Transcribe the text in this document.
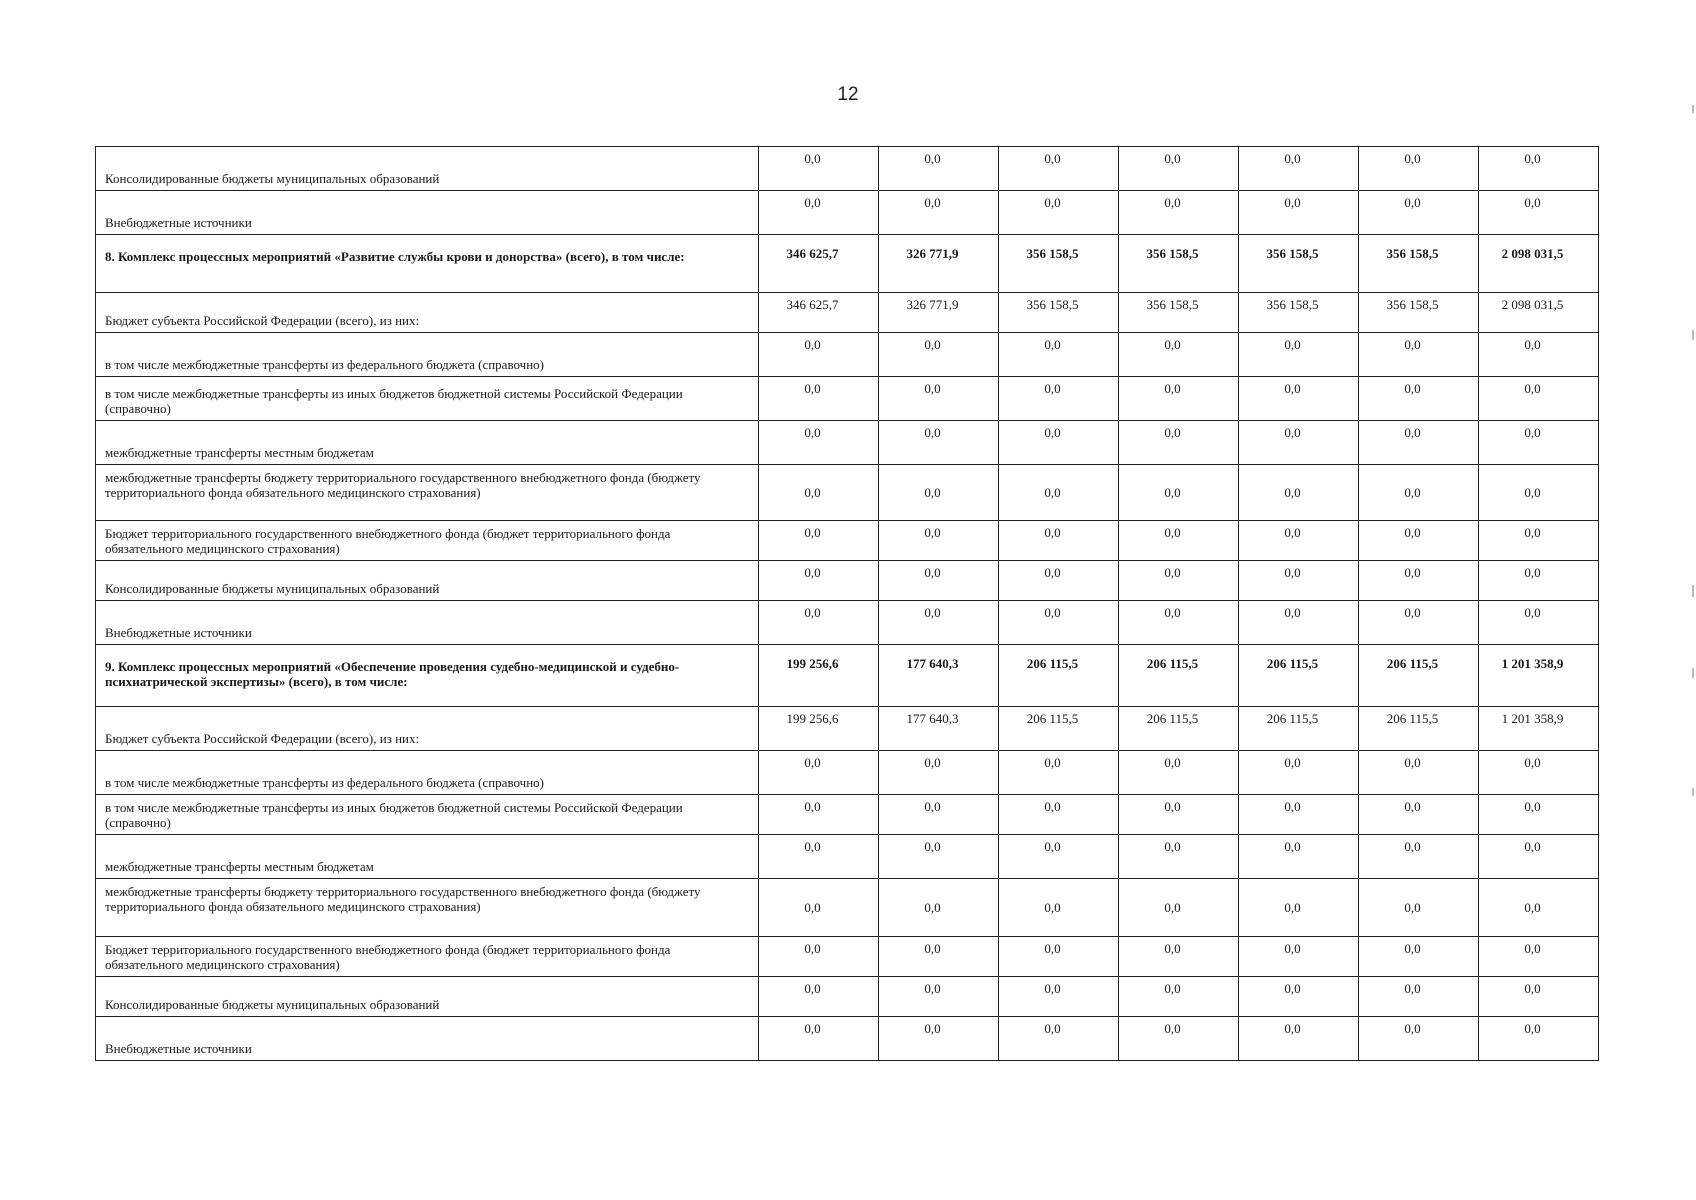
12
Консолидированные бюджеты муниципальных образований	0,0	0,0	0,0	0,0	0,0	0,0	0,0
Внебюджетные источники	0,0	0,0	0,0	0,0	0,0	0,0	0,0
8. Комплекс процессных мероприятий «Развитие службы крови и донорства» (всего), в том числе:	346 625,7	326 771,9	356 158,5	356 158,5	356 158,5	356 158,5	2 098 031,5
Бюджет субъекта Российской Федерации (всего), из них:	346 625,7	326 771,9	356 158,5	356 158,5	356 158,5	356 158,5	2 098 031,5
в том числе межбюджетные трансферты из федерального бюджета (справочно)	0,0	0,0	0,0	0,0	0,0	0,0	0,0
в том числе межбюджетные трансферты из иных бюджетов бюджетной системы Российской Федерации (справочно)	0,0	0,0	0,0	0,0	0,0	0,0	0,0
межбюджетные трансферты местным бюджетам	0,0	0,0	0,0	0,0	0,0	0,0	0,0
межбюджетные трансферты бюджету территориального государственного внебюджетного фонда (бюджету территориального фонда обязательного медицинского страхования)	0,0	0,0	0,0	0,0	0,0	0,0	0,0
Бюджет территориального государственного внебюджетного фонда (бюджет территориального фонда обязательного медицинского страхования)	0,0	0,0	0,0	0,0	0,0	0,0	0,0
Консолидированные бюджеты муниципальных образований	0,0	0,0	0,0	0,0	0,0	0,0	0,0
Внебюджетные источники	0,0	0,0	0,0	0,0	0,0	0,0	0,0
9. Комплекс процессных мероприятий «Обеспечение проведения судебно-медицинской и судебно-психиатрической экспертизы» (всего), в том числе:	199 256,6	177 640,3	206 115,5	206 115,5	206 115,5	206 115,5	1 201 358,9
Бюджет субъекта Российской Федерации (всего), из них:	199 256,6	177 640,3	206 115,5	206 115,5	206 115,5	206 115,5	1 201 358,9
в том числе межбюджетные трансферты из федерального бюджета (справочно)	0,0	0,0	0,0	0,0	0,0	0,0	0,0
в том числе межбюджетные трансферты из иных бюджетов бюджетной системы Российской Федерации (справочно)	0,0	0,0	0,0	0,0	0,0	0,0	0,0
межбюджетные трансферты местным бюджетам	0,0	0,0	0,0	0,0	0,0	0,0	0,0
межбюджетные трансферты бюджету территориального государственного внебюджетного фонда (бюджету территориального фонда обязательного медицинского страхования)	0,0	0,0	0,0	0,0	0,0	0,0	0,0
Бюджет территориального государственного внебюджетного фонда (бюджет территориального фонда обязательного медицинского страхования)	0,0	0,0	0,0	0,0	0,0	0,0	0,0
Консолидированные бюджеты муниципальных образований	0,0	0,0	0,0	0,0	0,0	0,0	0,0
Внебюджетные источники	0,0	0,0	0,0	0,0	0,0	0,0	0,0
